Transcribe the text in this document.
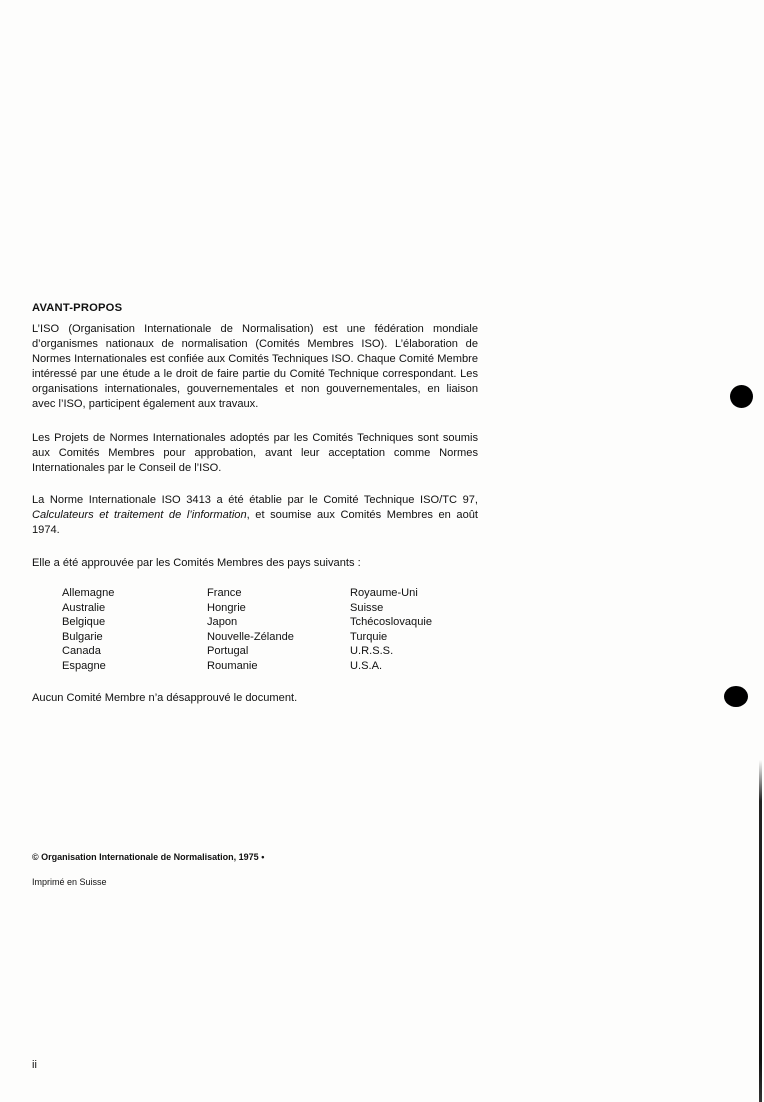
AVANT-PROPOS

L’ISO (Organisation Internationale de Normalisation) est une fédération mondiale d’organismes nationaux de normalisation (Comités Membres ISO). L’élaboration de Normes Internationales est confiée aux Comités Techniques ISO. Chaque Comité Membre intéressé par une étude a le droit de faire partie du Comité Technique correspondant. Les organisations internationales, gouvernementales et non gouvernementales, en liaison avec l’ISO, participent également aux travaux.

Les Projets de Normes Internationales adoptés par les Comités Techniques sont soumis aux Comités Membres pour approbation, avant leur acceptation comme Normes Internationales par le Conseil de l’ISO.

La Norme Internationale ISO 3413 a été établie par le Comité Technique ISO/TC 97, Calculateurs et traitement de l’information, et soumise aux Comités Membres en août 1974.

Elle a été approuvée par les Comités Membres des pays suivants :

Allemagne
Australie
Belgique
Bulgarie
Canada
Espagne
France
Hongrie
Japon
Nouvelle-Zélande
Portugal
Roumanie
Royaume-Uni
Suisse
Tchécoslovaquie
Turquie
U.R.S.S.
U.S.A.

Aucun Comité Membre n’a désapprouvé le document.

© Organisation Internationale de Normalisation, 1975 •
Imprimé en Suisse
ii
